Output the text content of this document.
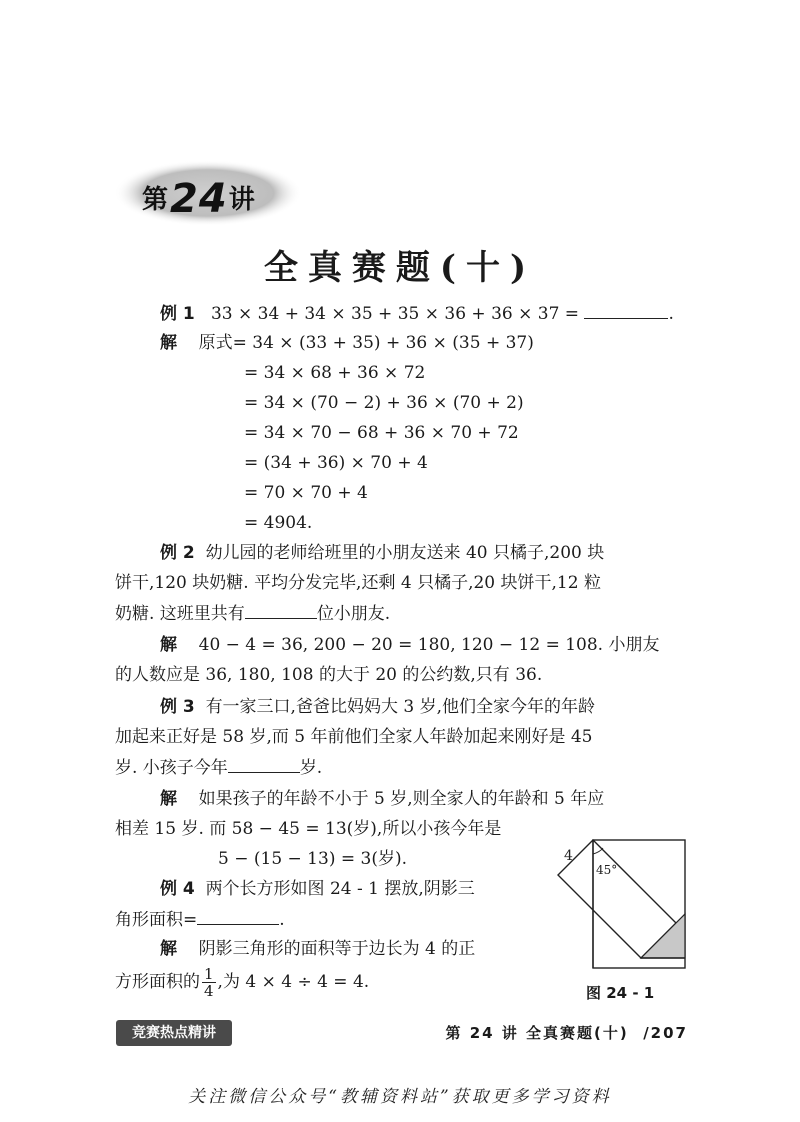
第24讲
全真赛题(十)
例 1 33 × 34 + 34 × 35 + 35 × 36 + 36 × 37 =	.
解 原式= 34 × (33 + 35) + 36 × (35 + 37)
= 34 × 68 + 36 × 72
= 34 × (70 − 2) + 36 × (70 + 2)
= 34 × 70 − 68 + 36 × 70 + 72
= (34 + 36) × 70 + 4
= 70 × 70 + 4
= 4904.
例 2 幼儿园的老师给班里的小朋友送来 40 只橘子,200 块
饼干,120 块奶糖. 平均分发完毕,还剩 4 只橘子,20 块饼干,12 粒
奶糖. 这班里共有	位小朋友.
解 40 − 4 = 36, 200 − 20 = 180, 120 − 12 = 108. 小朋友
的人数应是 36, 180, 108 的大于 20 的公约数,只有 36.
例 3 有一家三口,爸爸比妈妈大 3 岁,他们全家今年的年龄
加起来正好是 58 岁,而 5 年前他们全家人年龄加起来刚好是 45
岁. 小孩子今年	岁.
解 如果孩子的年龄不小于 5 岁,则全家人的年龄和 5 年应
相差 15 岁. 而 58 − 45 = 13(岁),所以小孩今年是
5 − (15 − 13) = 3(岁).
例 4 两个长方形如图 24 - 1 摆放,阴影三
角形面积=	.
解 阴影三角形的面积等于边长为 4 的正
方形面积的 $\frac{1}{4}$ ,为 4 × 4 ÷ 4 = 4.
4
45°
图 24 - 1
竞赛热点精讲	第 24 讲 全真赛题(十) /207
关注微信公众号“教辅资料站”获取更多学习资料
